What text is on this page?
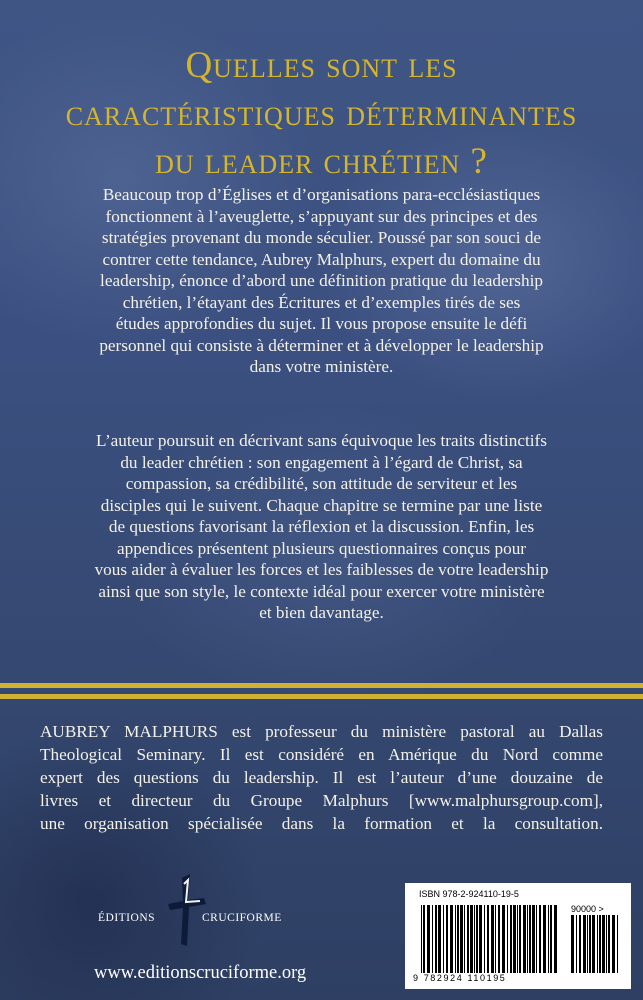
Quelles sont les
caractéristiques déterminantes
du leader chrétien ?
Beaucoup trop d’Églises et d’organisations para-ecclésiastiques
fonctionnent à l’aveuglette, s’appuyant sur des principes et des
stratégies provenant du monde séculier. Poussé par son souci de
contrer cette tendance, Aubrey Malphurs, expert du domaine du
leadership, énonce d’abord une définition pratique du leadership
chrétien, l’étayant des Écritures et d’exemples tirés de ses
études approfondies du sujet. Il vous propose ensuite le défi
personnel qui consiste à déterminer et à développer le leadership
dans votre ministère.
L’auteur poursuit en décrivant sans équivoque les traits distinctifs
du leader chrétien : son engagement à l’égard de Christ, sa
compassion, sa crédibilité, son attitude de serviteur et les
disciples qui le suivent. Chaque chapitre se termine par une liste
de questions favorisant la réflexion et la discussion. Enfin, les
appendices présentent plusieurs questionnaires conçus pour
vous aider à évaluer les forces et les faiblesses de votre leadership
ainsi que son style, le contexte idéal pour exercer votre ministère
et bien davantage.
AUBREY MALPHURS est professeur du ministère pastoral au Dallas
Theological Seminary. Il est considéré en Amérique du Nord comme
expert des questions du leadership. Il est l’auteur d’une douzaine de
livres et directeur du Groupe Malphurs [www.malphursgroup.com],
une organisation spécialisée dans la formation et la consultation.
ÉDITIONS	CRUCIFORME
www.editionscruciforme.org
ISBN 978-2-924110-19-5
90000 >
9 782924 110195
